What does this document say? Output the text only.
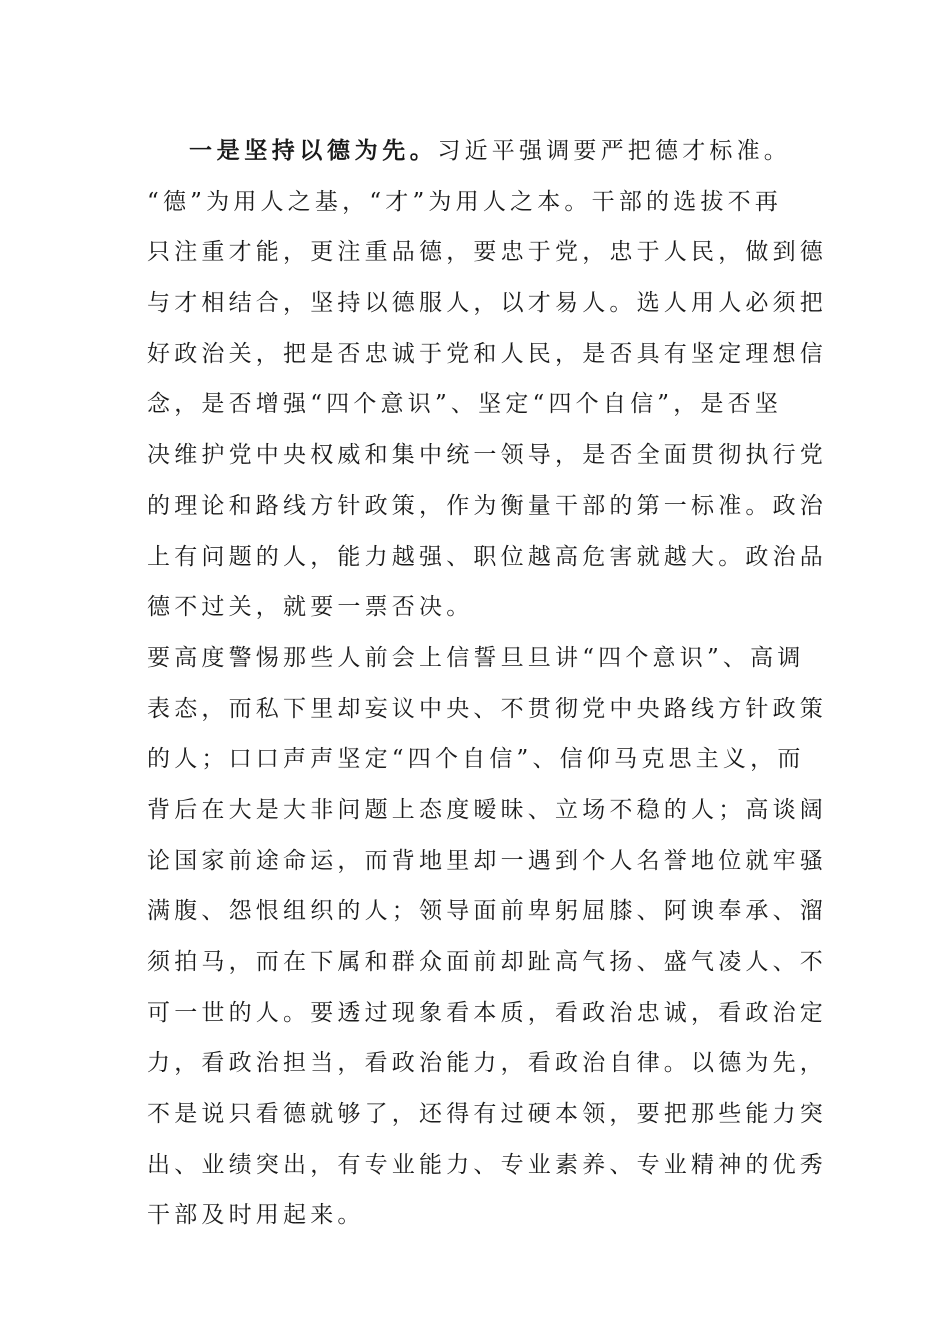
一是坚持以德为先。习近平强调要严把德才标准。
“德”为用人之基，“才”为用人之本。干部的选拔不再
只注重才能，更注重品德，要忠于党，忠于人民，做到德
与才相结合，坚持以德服人，以才易人。选人用人必须把
好政治关，把是否忠诚于党和人民，是否具有坚定理想信
念，是否增强“四个意识”、坚定“四个自信”，是否坚
决维护党中央权威和集中统一领导，是否全面贯彻执行党
的理论和路线方针政策，作为衡量干部的第一标准。政治
上有问题的人，能力越强、职位越高危害就越大。政治品
德不过关，就要一票否决。
要高度警惕那些人前会上信誓旦旦讲“四个意识”、高调
表态，而私下里却妄议中央、不贯彻党中央路线方针政策
的人；口口声声坚定“四个自信”、信仰马克思主义，而
背后在大是大非问题上态度暧昧、立场不稳的人；高谈阔
论国家前途命运，而背地里却一遇到个人名誉地位就牢骚
满腹、怨恨组织的人；领导面前卑躬屈膝、阿谀奉承、溜
须拍马，而在下属和群众面前却趾高气扬、盛气凌人、不
可一世的人。要透过现象看本质，看政治忠诚，看政治定
力，看政治担当，看政治能力，看政治自律。以德为先，
不是说只看德就够了，还得有过硬本领，要把那些能力突
出、业绩突出，有专业能力、专业素养、专业精神的优秀
干部及时用起来。
